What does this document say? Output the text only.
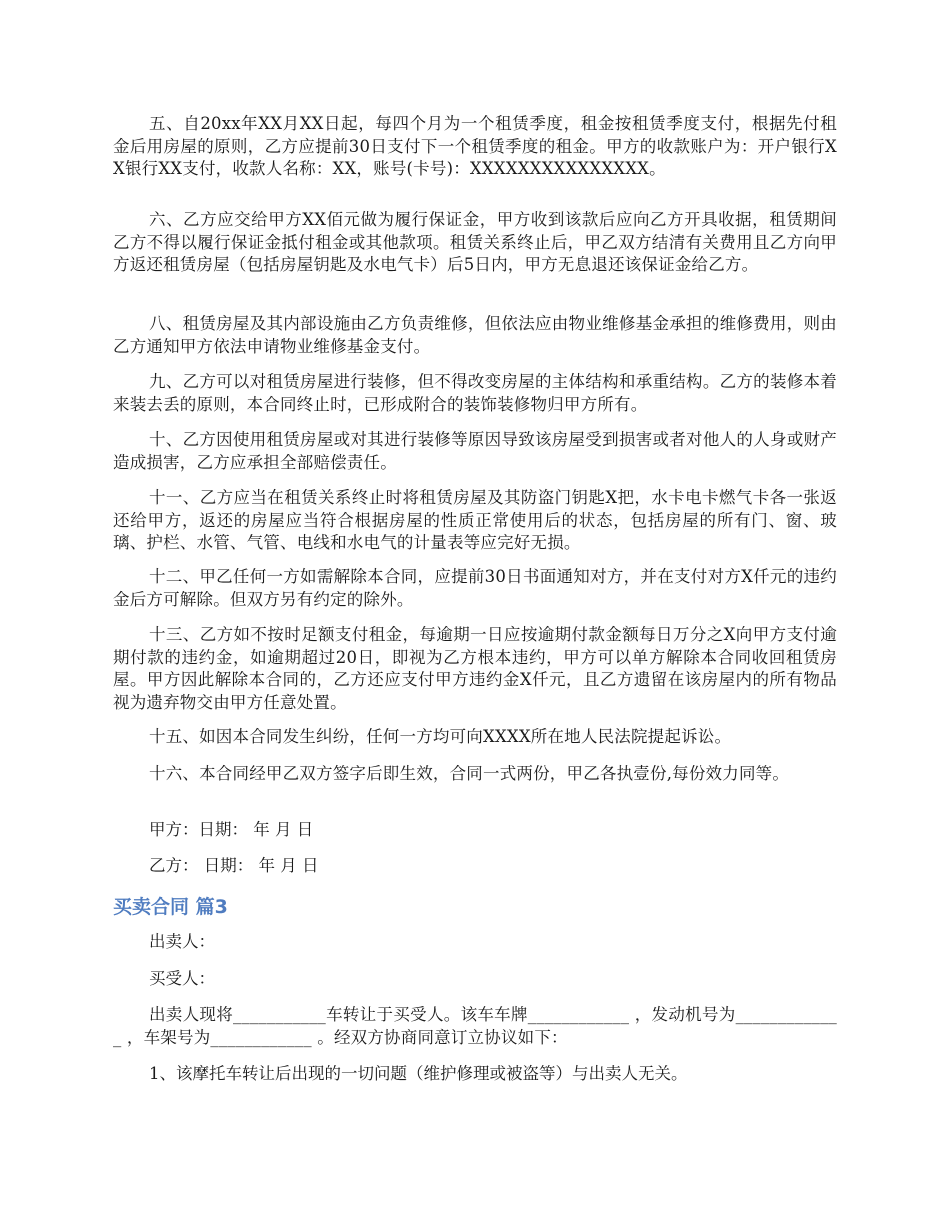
五、自20xx年XX月XX日起，每四个月为一个租赁季度，租金按租赁季度支付，根据先付租金后用房屋的原则，乙方应提前30日支付下一个租赁季度的租金。甲方的收款账户为：开户银行XX银行XX支付，收款人名称：XX，账号(卡号)：XXXXXXXXXXXXXXX。

六、乙方应交给甲方XX佰元做为履行保证金，甲方收到该款后应向乙方开具收据，租赁期间乙方不得以履行保证金抵付租金或其他款项。租赁关系终止后，甲乙双方结清有关费用且乙方向甲方返还租赁房屋（包括房屋钥匙及水电气卡）后5日内，甲方无息退还该保证金给乙方。

八、租赁房屋及其内部设施由乙方负责维修，但依法应由物业维修基金承担的维修费用，则由乙方通知甲方依法申请物业维修基金支付。

九、乙方可以对租赁房屋进行装修，但不得改变房屋的主体结构和承重结构。乙方的装修本着来装去丢的原则，本合同终止时，已形成附合的装饰装修物归甲方所有。

十、乙方因使用租赁房屋或对其进行装修等原因导致该房屋受到损害或者对他人的人身或财产造成损害，乙方应承担全部赔偿责任。

十一、乙方应当在租赁关系终止时将租赁房屋及其防盗门钥匙X把，水卡电卡燃气卡各一张返还给甲方，返还的房屋应当符合根据房屋的性质正常使用后的状态，包括房屋的所有门、窗、玻璃、护栏、水管、气管、电线和水电气的计量表等应完好无损。

十二、甲乙任何一方如需解除本合同，应提前30日书面通知对方，并在支付对方X仟元的违约金后方可解除。但双方另有约定的除外。

十三、乙方如不按时足额支付租金，每逾期一日应按逾期付款金额每日万分之X向甲方支付逾期付款的违约金，如逾期超过20日，即视为乙方根本违约，甲方可以单方解除本合同收回租赁房屋。甲方因此解除本合同的，乙方还应支付甲方违约金X仟元，且乙方遗留在该房屋内的所有物品视为遗弃物交由甲方任意处置。

十五、如因本合同发生纠纷，任何一方均可向XXXX所在地人民法院提起诉讼。

十六、本合同经甲乙双方签字后即生效，合同一式两份，甲乙各执壹份,每份效力同等。

甲方：日期： 年 月 日

乙方： 日期： 年 月 日

买卖合同 篇3

出卖人：

买受人：

出卖人现将___________车转让于买受人。该车车牌____________ ，发动机号为_____________ ，车架号为____________ 。经双方协商同意订立协议如下：

1、该摩托车转让后出现的一切问题（维护修理或被盗等）与出卖人无关。
